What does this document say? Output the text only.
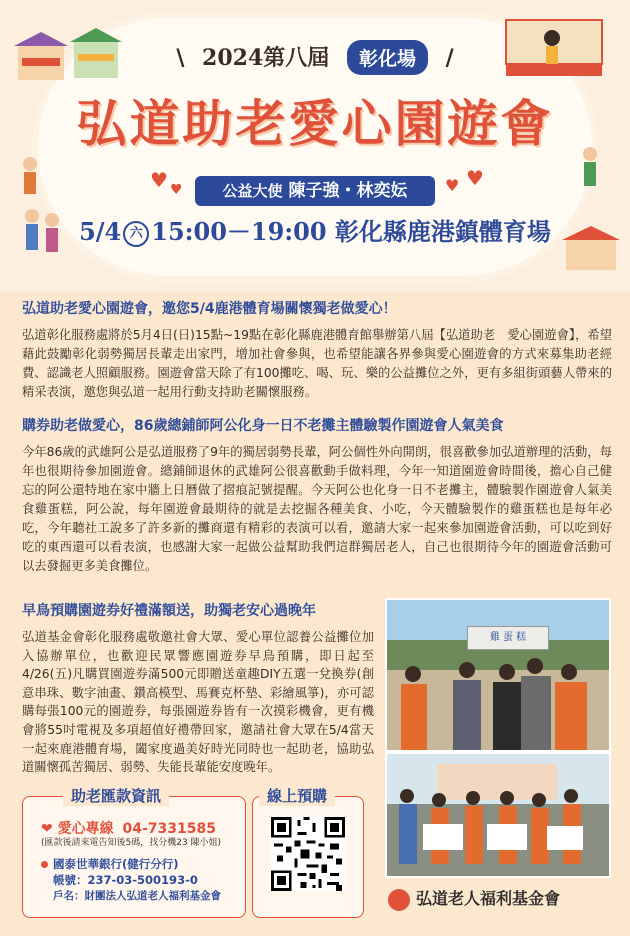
\ 2024第八屆 彰化場 /
弘道助老愛心園遊會
♥ ♥	♥ ♥
公益大使 陳子強・林奕妘
5/4 六 15:00－19:00 彰化縣鹿港鎮體育場

弘道助老愛心園遊會，邀您5/4鹿港體育場關懷獨老做愛心！

弘道彰化服務處將於5月4日(日)15點~19點在彰化縣鹿港體育館舉辦第八屆【弘道助老　愛心園遊會】，希望藉此鼓勵彰化弱勢獨居長輩走出家門，增加社會參與，也希望能讓各界參與愛心園遊會的方式來募集助老經費、認識老人照顧服務。園遊會當天除了有100攤吃、喝、玩、樂的公益攤位之外，更有多組街頭藝人帶來的精采表演，邀您與弘道一起用行動支持助老關懷服務。

購券助老做愛心，86歲總鋪師阿公化身一日不老攤主體驗製作園遊會人氣美食

今年86歲的武雄阿公是弘道服務了9年的獨居弱勢長輩，阿公個性外向開朗，很喜歡參加弘道辦理的活動，每年也很期待參加園遊會。總鋪師退休的武雄阿公很喜歡動手做料理，今年一知道園遊會時間後，擔心自己健忘的阿公還特地在家中牆上日曆做了摺痕記號提醒。今天阿公也化身一日不老攤主，體驗製作園遊會人氣美食雞蛋糕，阿公說，每年園遊會最期待的就是去挖掘各種美食、小吃，今天體驗製作的雞蛋糕也是每年必吃，今年聽社工說多了許多新的攤商還有精彩的表演可以看，邀請大家一起來參加園遊會活動，可以吃到好吃的東西還可以看表演，也感謝大家一起做公益幫助我們這群獨居老人，自己也很期待今年的園遊會活動可以去發掘更多美食攤位。

早鳥預購園遊券好禮滿額送，助獨老安心過晚年

弘道基金會彰化服務處敬邀社會大眾、愛心單位認養公益攤位加入協辦單位，也歡迎民眾響應園遊券早鳥預購，即日起至4/26(五)凡購買園遊券滿500元即贈送童趣DIY五選一兌換券(創意串珠、數字油畫、鑽高模型、馬賽克杯墊、彩繪風箏)，亦可認購每張100元的園遊券，每張園遊券皆有一次摸彩機會，更有機會將55吋電視及多項超值好禮帶回家，邀請社會大眾在5/4當天一起來鹿港體育場，闔家度過美好時光同時也一起助老，協助弘道關懷孤苦獨居、弱勢、失能長輩能安度晚年。

雞 蛋 糕
助老匯款資訊
❤ 愛心專線 04-7331585
(匯款後請來電告知後5碼，找分機23 陳小姐)
國泰世華銀行(健行分行)
帳號：237-03-500193-0
戶名：財團法人弘道老人福利基金會
線上預購
弘道老人福利基金會
